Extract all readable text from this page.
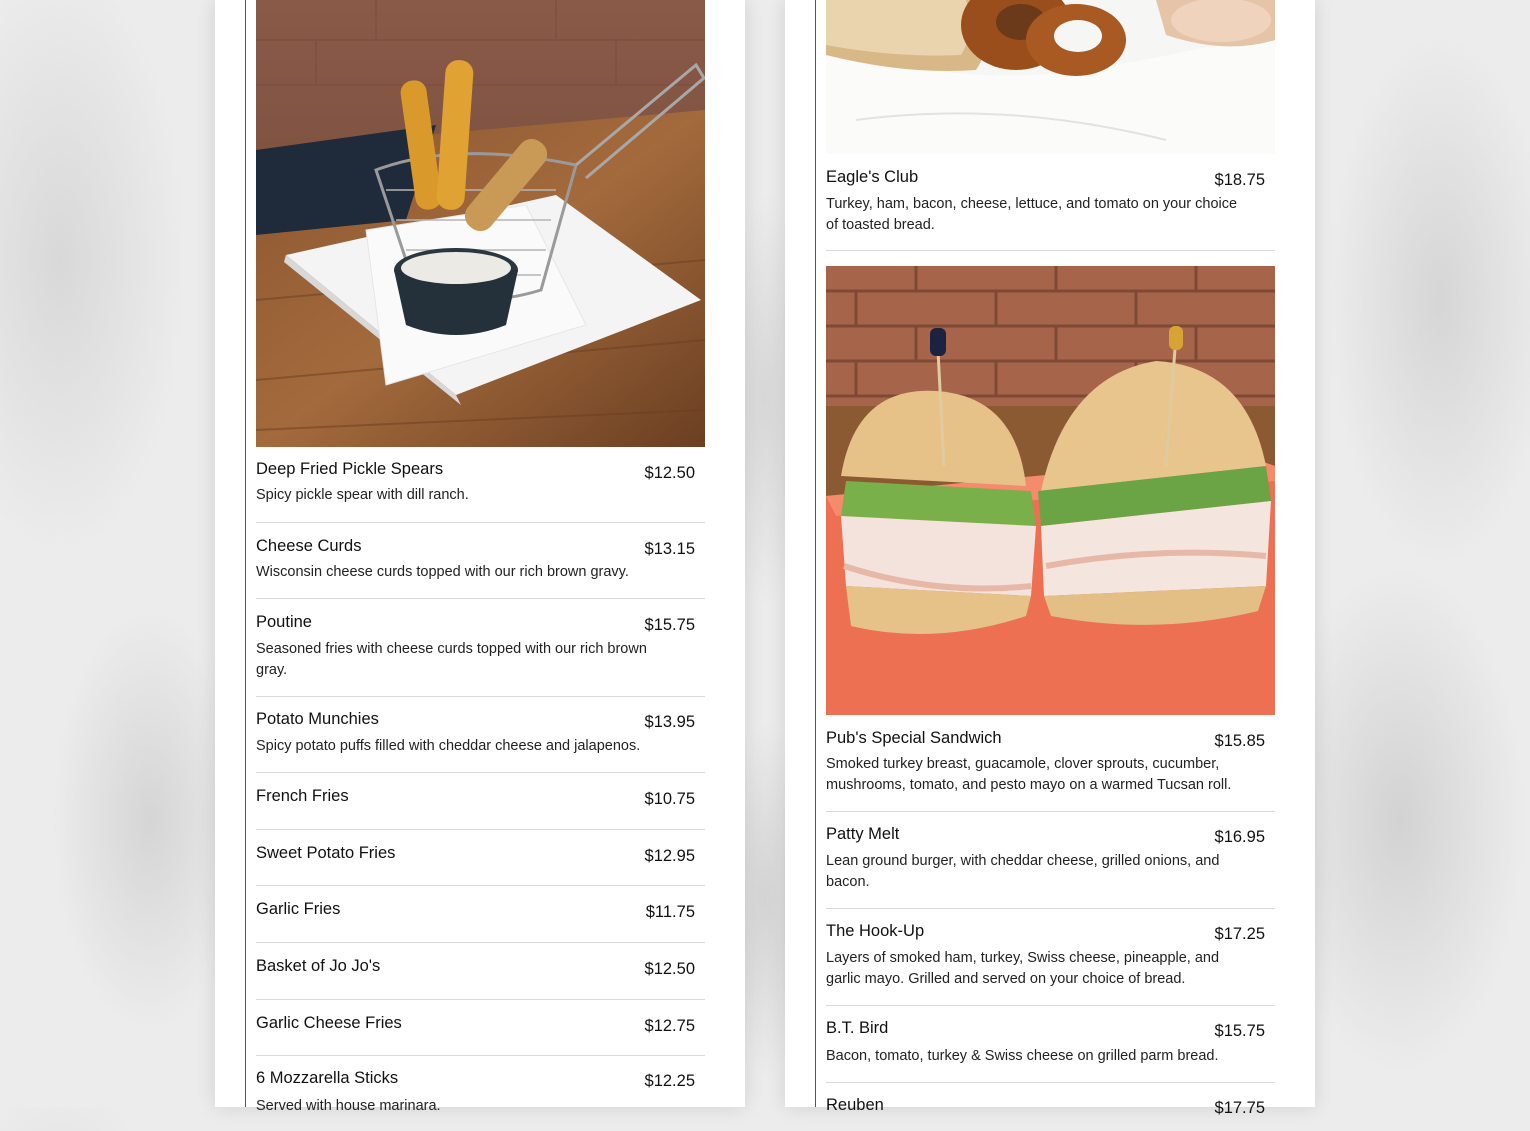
Deep Fried Pickle Spears	$12.50
Spicy pickle spear with dill ranch.
Cheese Curds	$13.15
Wisconsin cheese curds topped with our rich brown gravy.
Poutine	$15.75
Seasoned fries with cheese curds topped with our rich brown gray.
Potato Munchies	$13.95
Spicy potato puffs filled with cheddar cheese and jalapenos.
French Fries	$10.75
Sweet Potato Fries	$12.95
Garlic Fries	$11.75
Basket of Jo Jo's	$12.50
Garlic Cheese Fries	$12.75
6 Mozzarella Sticks	$12.25
Served with house marinara.
Eagle's Club	$18.75
Turkey, ham, bacon, cheese, lettuce, and tomato on your choice of toasted bread.
Pub's Special Sandwich	$15.85
Smoked turkey breast, guacamole, clover sprouts, cucumber, mushrooms, tomato, and pesto mayo on a warmed Tucsan roll.
Patty Melt	$16.95
Lean ground burger, with cheddar cheese, grilled onions, and bacon.
The Hook-Up	$17.25
Layers of smoked ham, turkey, Swiss cheese, pineapple, and garlic mayo. Grilled and served on your choice of bread.
B.T. Bird	$15.75
Bacon, tomato, turkey & Swiss cheese on grilled parm bread.
Reuben	$17.75
